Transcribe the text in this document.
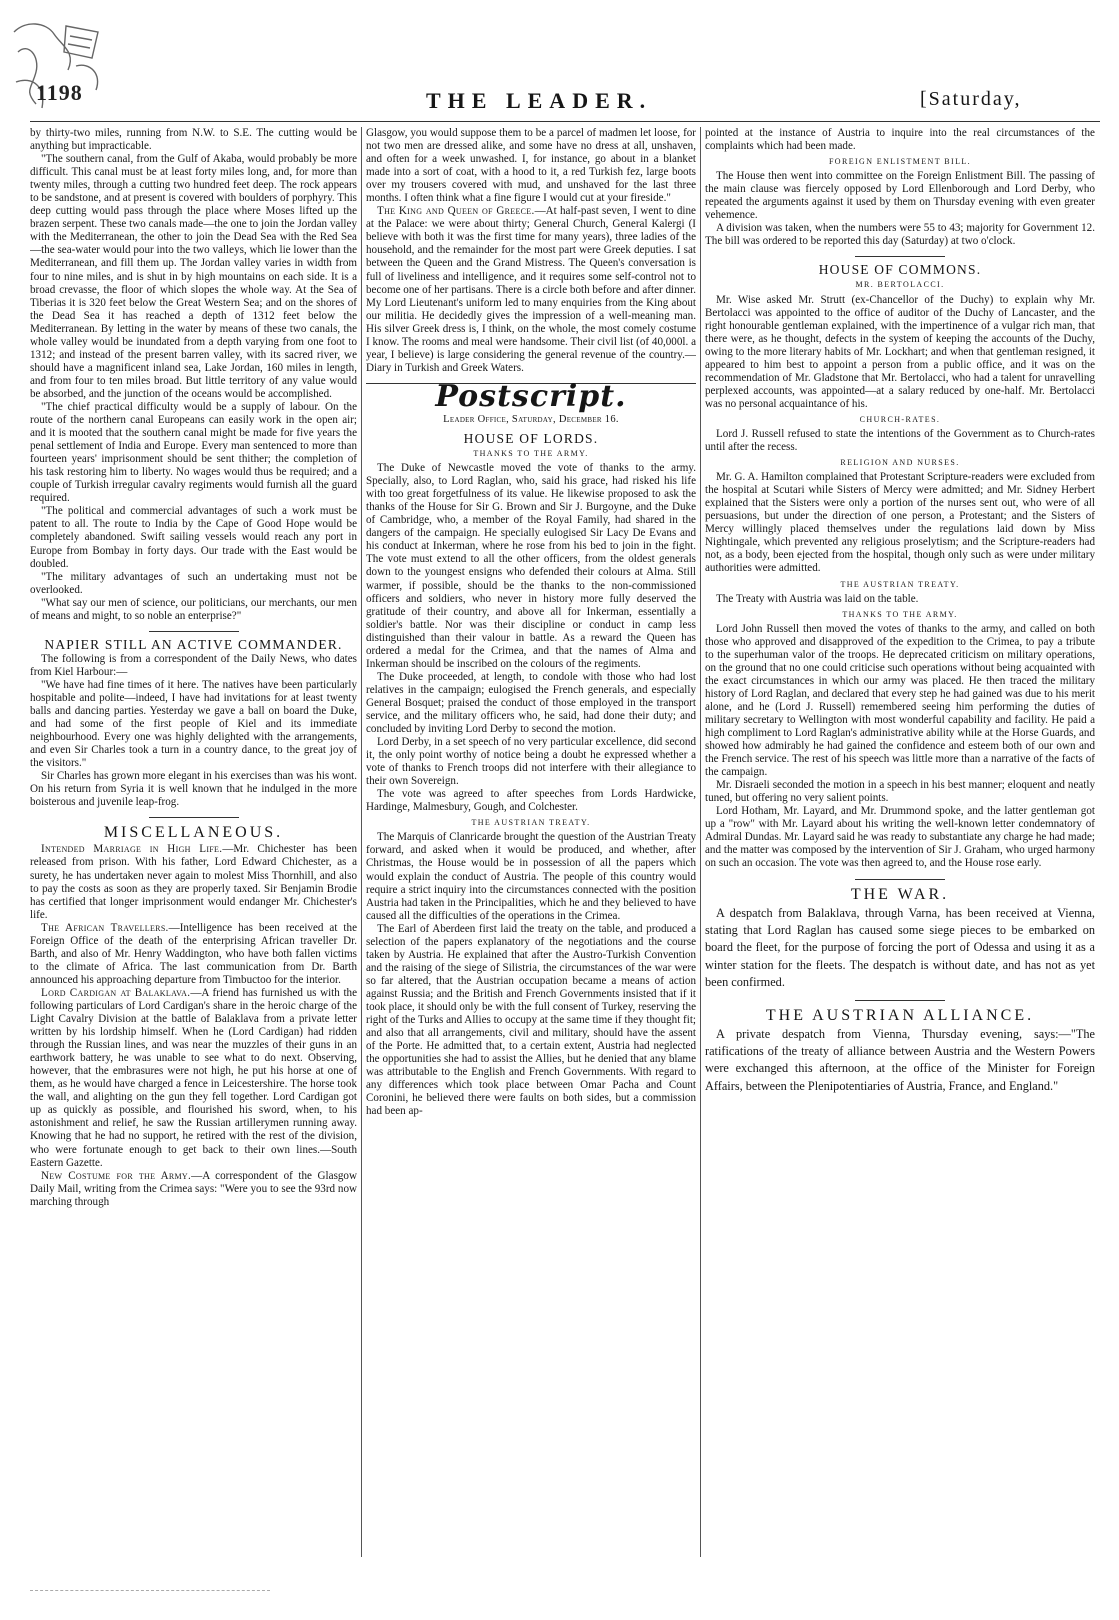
1198	THE LEADER.	[Saturday,

by thirty-two miles, running from N.W. to S.E. The cutting would be anything but impracticable.

"The southern canal, from the Gulf of Akaba, would probably be more difficult. This canal must be at least forty miles long, and, for more than twenty miles, through a cutting two hundred feet deep. The rock appears to be sandstone, and at present is covered with boulders of porphyry. This deep cutting would pass through the place where Moses lifted up the brazen serpent. These two canals made—the one to join the Jordan valley with the Mediterranean, the other to join the Dead Sea with the Red Sea—the sea-water would pour into the two valleys, which lie lower than the Mediterranean, and fill them up. The Jordan valley varies in width from four to nine miles, and is shut in by high mountains on each side. It is a broad crevasse, the floor of which slopes the whole way. At the Sea of Tiberias it is 320 feet below the Great Western Sea; and on the shores of the Dead Sea it has reached a depth of 1312 feet below the Mediterranean. By letting in the water by means of these two canals, the whole valley would be inundated from a depth varying from one foot to 1312; and instead of the present barren valley, with its sacred river, we should have a magnificent inland sea, Lake Jordan, 160 miles in length, and from four to ten miles broad. But little territory of any value would be absorbed, and the junction of the oceans would be accomplished.

"The chief practical difficulty would be a supply of labour. On the route of the northern canal Europeans can easily work in the open air; and it is mooted that the southern canal might be made for five years the penal settlement of India and Europe. Every man sentenced to more than fourteen years' imprisonment should be sent thither; the completion of his task restoring him to liberty. No wages would thus be required; and a couple of Turkish irregular cavalry regiments would furnish all the guard required.

"The political and commercial advantages of such a work must be patent to all. The route to India by the Cape of Good Hope would be completely abandoned. Swift sailing vessels would reach any port in Europe from Bombay in forty days. Our trade with the East would be doubled.

"The military advantages of such an undertaking must not be overlooked.

"What say our men of science, our politicians, our merchants, our men of means and might, to so noble an enterprise?"

NAPIER STILL AN ACTIVE COMMANDER.

The following is from a correspondent of the Daily News, who dates from Kiel Harbour:—

"We have had fine times of it here. The natives have been particularly hospitable and polite—indeed, I have had invitations for at least twenty balls and dancing parties. Yesterday we gave a ball on board the Duke, and had some of the first people of Kiel and its immediate neighbourhood. Every one was highly delighted with the arrangements, and even Sir Charles took a turn in a country dance, to the great joy of the visitors."

Sir Charles has grown more elegant in his exercises than was his wont. On his return from Syria it is well known that he indulged in the more boisterous and juvenile leap-frog.

MISCELLANEOUS.

Intended Marriage in High Life.—Mr. Chichester has been released from prison. With his father, Lord Edward Chichester, as a surety, he has undertaken never again to molest Miss Thornhill, and also to pay the costs as soon as they are properly taxed. Sir Benjamin Brodie has certified that longer imprisonment would endanger Mr. Chichester's life.

The African Travellers.—Intelligence has been received at the Foreign Office of the death of the enterprising African traveller Dr. Barth, and also of Mr. Henry Waddington, who have both fallen victims to the climate of Africa. The last communication from Dr. Barth announced his approaching departure from Timbuctoo for the interior.

Lord Cardigan at Balaklava.—A friend has furnished us with the following particulars of Lord Cardigan's share in the heroic charge of the Light Cavalry Division at the battle of Balaklava from a private letter written by his lordship himself. When he (Lord Cardigan) had ridden through the Russian lines, and was near the muzzles of their guns in an earthwork battery, he was unable to see what to do next. Observing, however, that the embrasures were not high, he put his horse at one of them, as he would have charged a fence in Leicestershire. The horse took the wall, and alighting on the gun they fell together. Lord Cardigan got up as quickly as possible, and flourished his sword, when, to his astonishment and relief, he saw the Russian artillerymen running away. Knowing that he had no support, he retired with the rest of the division, who were fortunate enough to get back to their own lines.—South Eastern Gazette.

New Costume for the Army.—A correspondent of the Glasgow Daily Mail, writing from the Crimea says: "Were you to see the 93rd now marching through

Glasgow, you would suppose them to be a parcel of madmen let loose, for not two men are dressed alike, and some have no dress at all, unshaven, and often for a week unwashed. I, for instance, go about in a blanket made into a sort of coat, with a hood to it, a red Turkish fez, large boots over my trousers covered with mud, and unshaved for the last three months. I often think what a fine figure I would cut at your fireside."

The King and Queen of Greece.—At half-past seven, I went to dine at the Palace: we were about thirty; General Church, General Kalergi (I believe with both it was the first time for many years), three ladies of the household, and the remainder for the most part were Greek deputies. I sat between the Queen and the Grand Mistress. The Queen's conversation is full of liveliness and intelligence, and it requires some self-control not to become one of her partisans. There is a circle both before and after dinner. My Lord Lieutenant's uniform led to many enquiries from the King about our militia. He decidedly gives the impression of a well-meaning man. His silver Greek dress is, I think, on the whole, the most comely costume I know. The rooms and meal were handsome. Their civil list (of 40,000l. a year, I believe) is large considering the general revenue of the country.—Diary in Turkish and Greek Waters.

Postscript.

Leader Office, Saturday, December 16.

HOUSE OF LORDS.

THANKS TO THE ARMY.

The Duke of Newcastle moved the vote of thanks to the army. Specially, also, to Lord Raglan, who, said his grace, had risked his life with too great forgetfulness of its value. He likewise proposed to ask the thanks of the House for Sir G. Brown and Sir J. Burgoyne, and the Duke of Cambridge, who, a member of the Royal Family, had shared in the dangers of the campaign. He specially eulogised Sir Lacy De Evans and his conduct at Inkerman, where he rose from his bed to join in the fight. The vote must extend to all the other officers, from the oldest generals down to the youngest ensigns who defended their colours at Alma. Still warmer, if possible, should be the thanks to the non-commissioned officers and soldiers, who never in history more fully deserved the gratitude of their country, and above all for Inkerman, essentially a soldier's battle. Nor was their discipline or conduct in camp less distinguished than their valour in battle. As a reward the Queen has ordered a medal for the Crimea, and that the names of Alma and Inkerman should be inscribed on the colours of the regiments.

The Duke proceeded, at length, to condole with those who had lost relatives in the campaign; eulogised the French generals, and especially General Bosquet; praised the conduct of those employed in the transport service, and the military officers who, he said, had done their duty; and concluded by inviting Lord Derby to second the motion.

Lord Derby, in a set speech of no very particular excellence, did second it, the only point worthy of notice being a doubt he expressed whether a vote of thanks to French troops did not interfere with their allegiance to their own Sovereign.

The vote was agreed to after speeches from Lords Hardwicke, Hardinge, Malmesbury, Gough, and Colchester.

THE AUSTRIAN TREATY.

The Marquis of Clanricarde brought the question of the Austrian Treaty forward, and asked when it would be produced, and whether, after Christmas, the House would be in possession of all the papers which would explain the conduct of Austria. The people of this country would require a strict inquiry into the circumstances connected with the position Austria had taken in the Principalities, which he and they believed to have caused all the difficulties of the operations in the Crimea.

The Earl of Aberdeen first laid the treaty on the table, and produced a selection of the papers explanatory of the negotiations and the course taken by Austria. He explained that after the Austro-Turkish Convention and the raising of the siege of Silistria, the circumstances of the war were so far altered, that the Austrian occupation became a means of action against Russia; and the British and French Governments insisted that if it took place, it should only be with the full consent of Turkey, reserving the right of the Turks and Allies to occupy at the same time if they thought fit; and also that all arrangements, civil and military, should have the assent of the Porte. He admitted that, to a certain extent, Austria had neglected the opportunities she had to assist the Allies, but he denied that any blame was attributable to the English and French Governments. With regard to any differences which took place between Omar Pacha and Count Coronini, he believed there were faults on both sides, but a commission had been ap-

pointed at the instance of Austria to inquire into the real circumstances of the complaints which had been made.

FOREIGN ENLISTMENT BILL.

The House then went into committee on the Foreign Enlistment Bill. The passing of the main clause was fiercely opposed by Lord Ellenborough and Lord Derby, who repeated the arguments against it used by them on Thursday evening with even greater vehemence.

A division was taken, when the numbers were 55 to 43; majority for Government 12. The bill was ordered to be reported this day (Saturday) at two o'clock.

HOUSE OF COMMONS.

MR. BERTOLACCI.

Mr. Wise asked Mr. Strutt (ex-Chancellor of the Duchy) to explain why Mr. Bertolacci was appointed to the office of auditor of the Duchy of Lancaster, and the right honourable gentleman explained, with the impertinence of a vulgar rich man, that there were, as he thought, defects in the system of keeping the accounts of the Duchy, owing to the more literary habits of Mr. Lockhart; and when that gentleman resigned, it appeared to him best to appoint a person from a public office, and it was on the recommendation of Mr. Gladstone that Mr. Bertolacci, who had a talent for unravelling perplexed accounts, was appointed—at a salary reduced by one-half. Mr. Bertolacci was no personal acquaintance of his.

CHURCH-RATES.

Lord J. Russell refused to state the intentions of the Government as to Church-rates until after the recess.

RELIGION AND NURSES.

Mr. G. A. Hamilton complained that Protestant Scripture-readers were excluded from the hospital at Scutari while Sisters of Mercy were admitted; and Mr. Sidney Herbert explained that the Sisters were only a portion of the nurses sent out, who were of all persuasions, but under the direction of one person, a Protestant; and the Sisters of Mercy willingly placed themselves under the regulations laid down by Miss Nightingale, which prevented any religious proselytism; and the Scripture-readers had not, as a body, been ejected from the hospital, though only such as were under military authorities were admitted.

THE AUSTRIAN TREATY.

The Treaty with Austria was laid on the table.

THANKS TO THE ARMY.

Lord John Russell then moved the votes of thanks to the army, and called on both those who approved and disapproved of the expedition to the Crimea, to pay a tribute to the superhuman valor of the troops. He deprecated criticism on military operations, on the ground that no one could criticise such operations without being acquainted with the exact circumstances in which our army was placed. He then traced the military history of Lord Raglan, and declared that every step he had gained was due to his merit alone, and he (Lord J. Russell) remembered seeing him performing the duties of military secretary to Wellington with most wonderful capability and facility. He paid a high compliment to Lord Raglan's administrative ability while at the Horse Guards, and showed how admirably he had gained the confidence and esteem both of our own and the French service. The rest of his speech was little more than a narrative of the facts of the campaign.

Mr. Disraeli seconded the motion in a speech in his best manner; eloquent and neatly tuned, but offering no very salient points.

Lord Hotham, Mr. Layard, and Mr. Drummond spoke, and the latter gentleman got up a "row" with Mr. Layard about his writing the well-known letter condemnatory of Admiral Dundas. Mr. Layard said he was ready to substantiate any charge he had made; and the matter was composed by the intervention of Sir J. Graham, who urged harmony on such an occasion. The vote was then agreed to, and the House rose early.

THE WAR.

A despatch from Balaklava, through Varna, has been received at Vienna, stating that Lord Raglan has caused some siege pieces to be embarked on board the fleet, for the purpose of forcing the port of Odessa and using it as a winter station for the fleets. The despatch is without date, and has not as yet been confirmed.

THE AUSTRIAN ALLIANCE.

A private despatch from Vienna, Thursday evening, says:—"The ratifications of the treaty of alliance between Austria and the Western Powers were exchanged this afternoon, at the office of the Minister for Foreign Affairs, between the Plenipotentiaries of Austria, France, and England."
